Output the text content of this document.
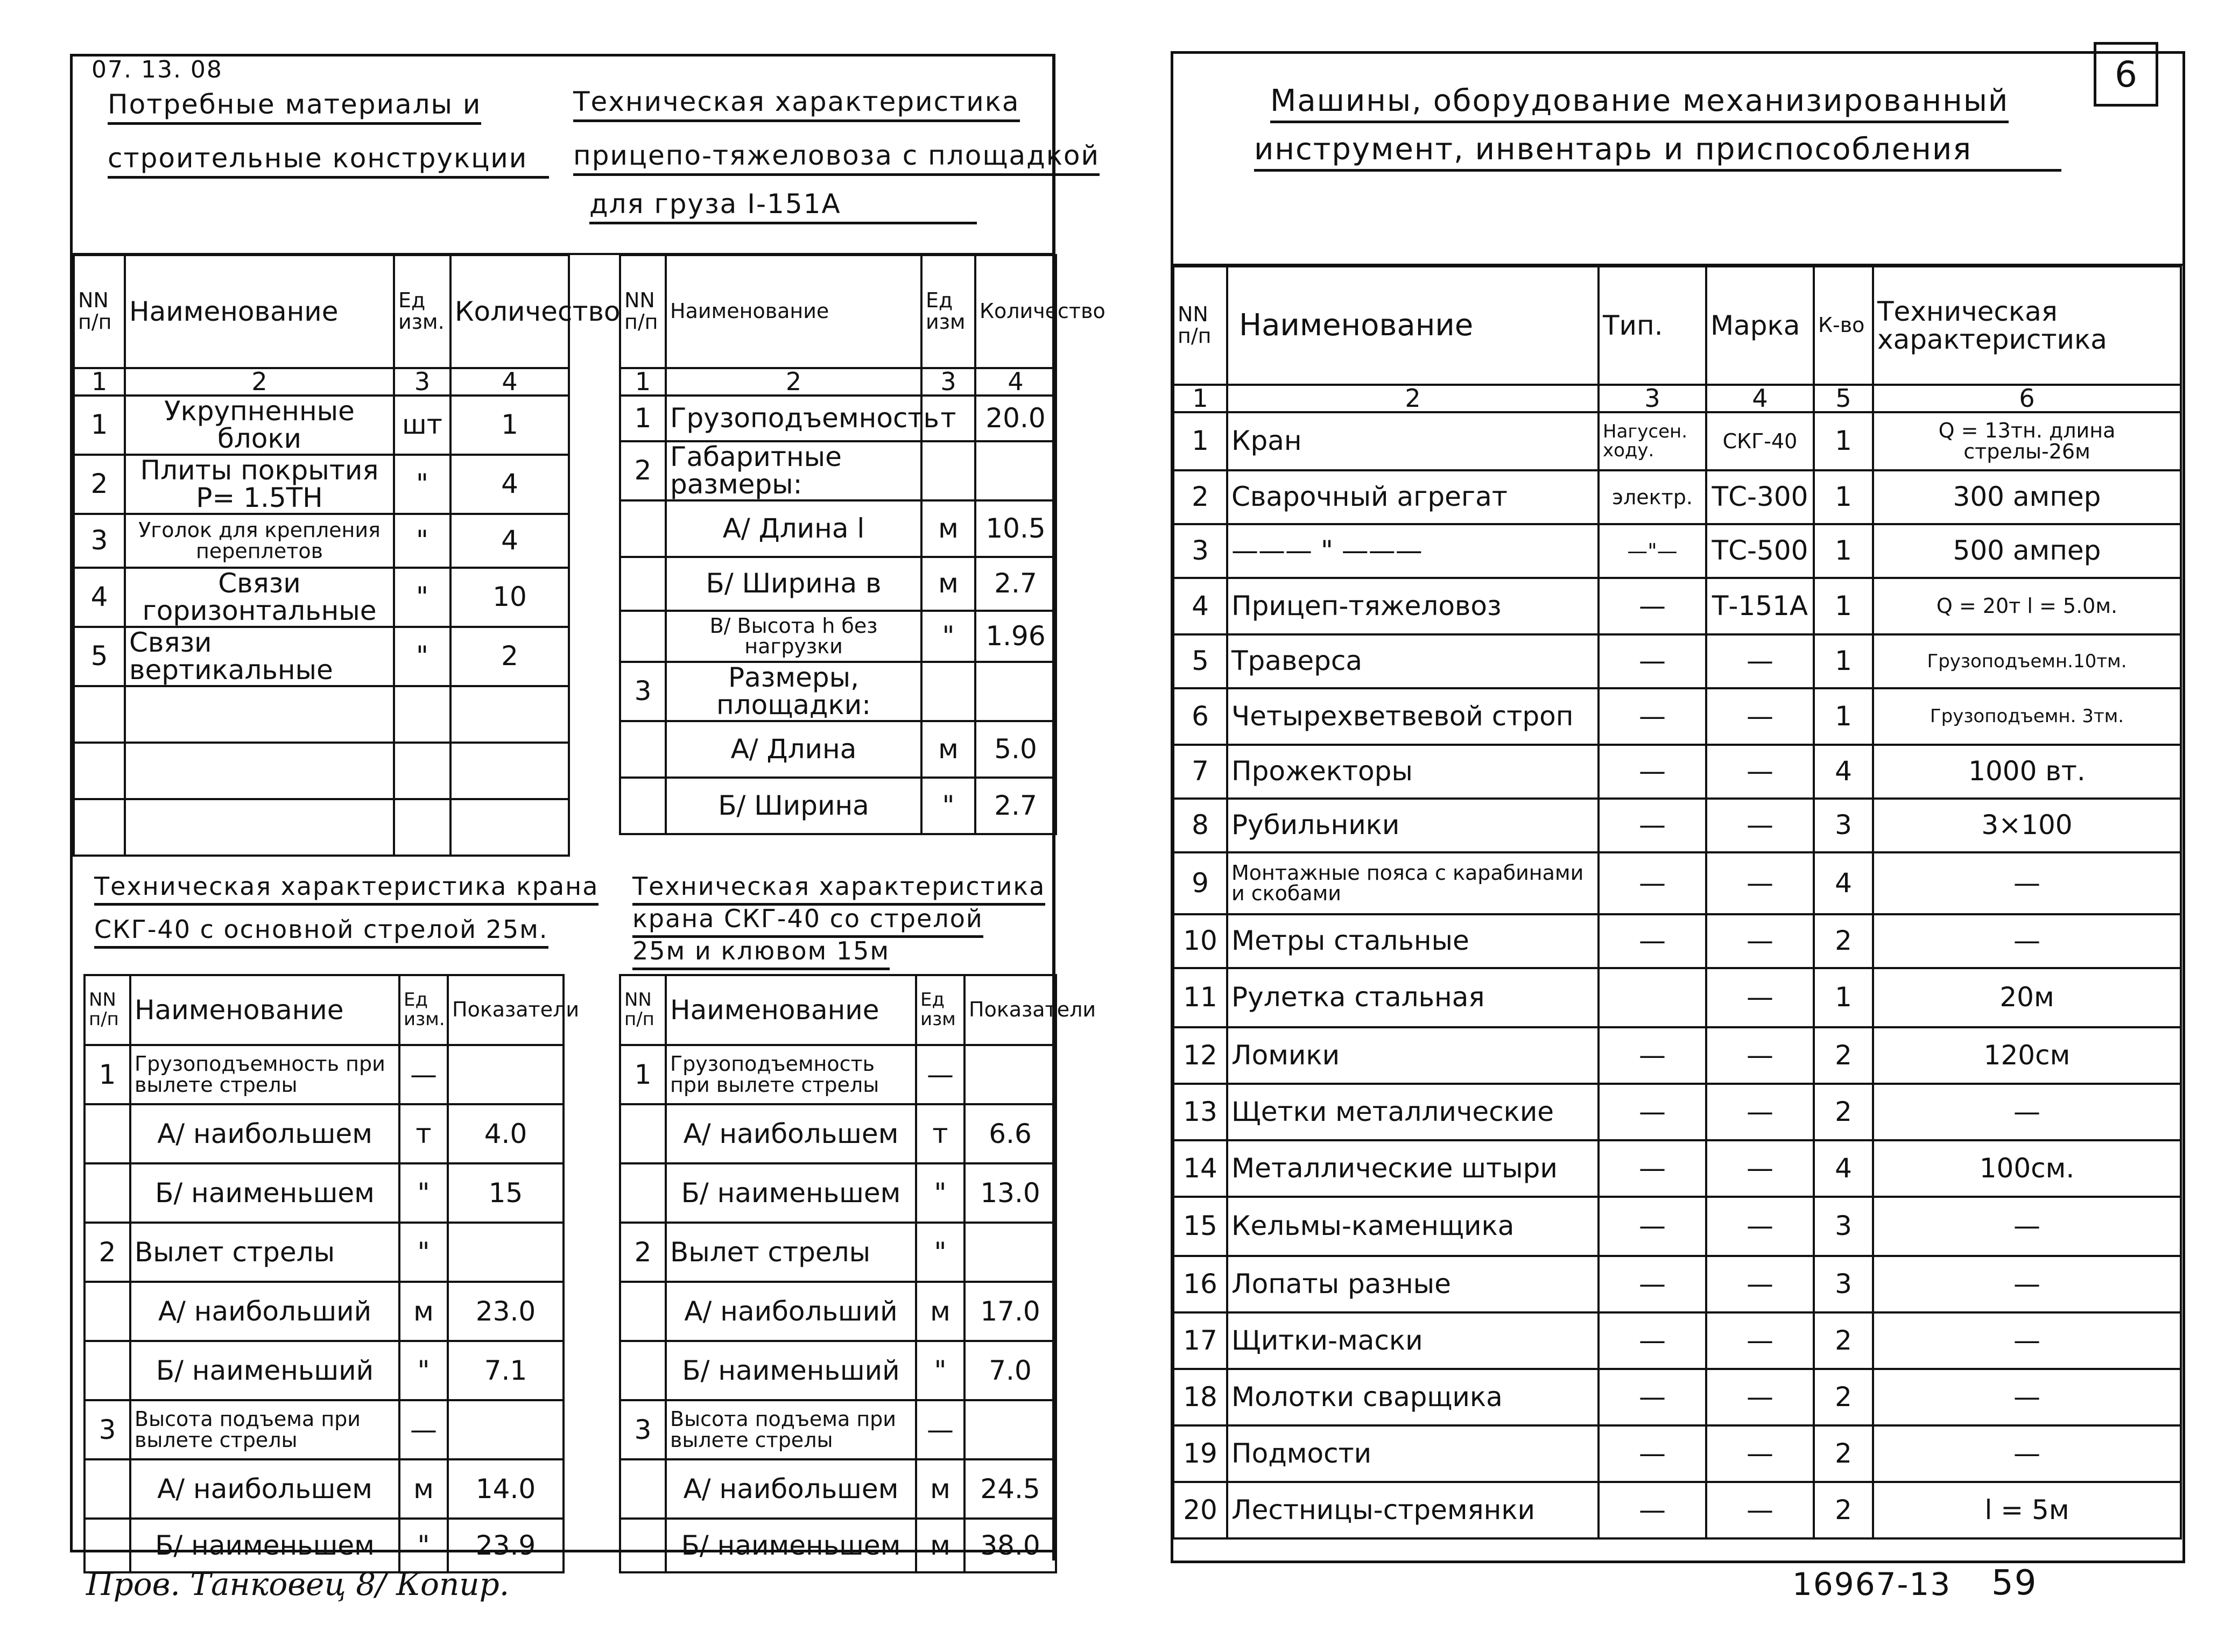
07. 13. 08
Потребные материалы и
строительные конструкции
Техническая характеристика
прицепо-тяжеловоза с площадкой
для груза I-151А
NN п/п	Наименование	Ед изм.	Количество
1	2	3	4
1	Укрупненные блоки	шт	1
2	Плиты покрытия P= 1.5ТН	"	4
3	Уголок для крепления переплетов	"	4
4	Связи горизонтальные	"	10
5	Связи вертикальные	"	2

NN п/п	Наименование	Ед изм	Количество
1	2	3	4
1	Грузоподъемность	т	20.0
2	Габаритные размеры:		
	А/ Длина l	м	10.5
	Б/ Ширина в	м	2.7
	В/ Высота h без нагрузки	"	1.96
3	Размеры, площадки:		
	А/ Длина	м	5.0
	Б/ Ширина	"	2.7
Техническая характеристика крана
СКГ-40 с основной стрелой 25м.
Техническая характеристика
крана СКГ-40 со стрелой
25м и клювом 15м
NN п/п	Наименование	Ед изм.	Показатели
1	Грузоподъемность при вылете стрелы	—	
	А/ наибольшем	т	4.0
	Б/ наименьшем	"	15
2	Вылет стрелы	"	
	А/ наибольший	м	23.0
	Б/ наименьший	"	7.1
3	Высота подъема при вылете стрелы	—	
	А/ наибольшем	м	14.0
	Б/ наименьшем	"	23.9
NN п/п	Наименование	Ед изм	Показатели
1	Грузоподъемность при вылете стрелы	—	
	А/ наибольшем	т	6.6
	Б/ наименьшем	"	13.0
2	Вылет стрелы	"	
	А/ наибольший	м	17.0
	Б/ наименьший	"	7.0
3	Высота подъема при вылете стрелы	—	
	А/ наибольшем	м	24.5
	Б/ наименьшем	м	38.0
Пров. Танковец 8/ Копир.
6
Машины, оборудование механизированный
инструмент, инвентарь и приспособления
NN п/п	Наименование	Тип.	Марка	К-во	Техническая характеристика
1	2	3	4	5	6
1	Кран	Нагусен. ходу.	СКГ-40	1	Q = 13тн. длина стрелы-26м
2	Сварочный агрегат	электр.	ТС-300	1	300 ампер
3	——— " ———	—"—	ТС-500	1	500 ампер
4	Прицеп-тяжеловоз	—	Т-151А	1	Q = 20т l = 5.0м.
5	Траверса	—	—	1	Грузоподъемн.10тм.
6	Четырехветвевой строп	—	—	1	Грузоподъемн. 3тм.
7	Прожекторы	—	—	4	1000 вт.
8	Рубильники	—	—	3	3×100
9	Монтажные пояса с карабинами и скобами	—	—	4	—
10	Метры стальные	—	—	2	—
11	Рулетка стальная		—	1	20м
12	Ломики	—	—	2	120см
13	Щетки металлические	—	—	2	—
14	Металлические штыри	—	—	4	100см.
15	Кельмы-каменщика	—	—	3	—
16	Лопаты разные	—	—	3	—
17	Щитки-маски	—	—	2	—
18	Молотки сварщика	—	—	2	—
19	Подмости	—	—	2	—
20	Лестницы-стремянки	—	—	2	l = 5м
16967-13 59
